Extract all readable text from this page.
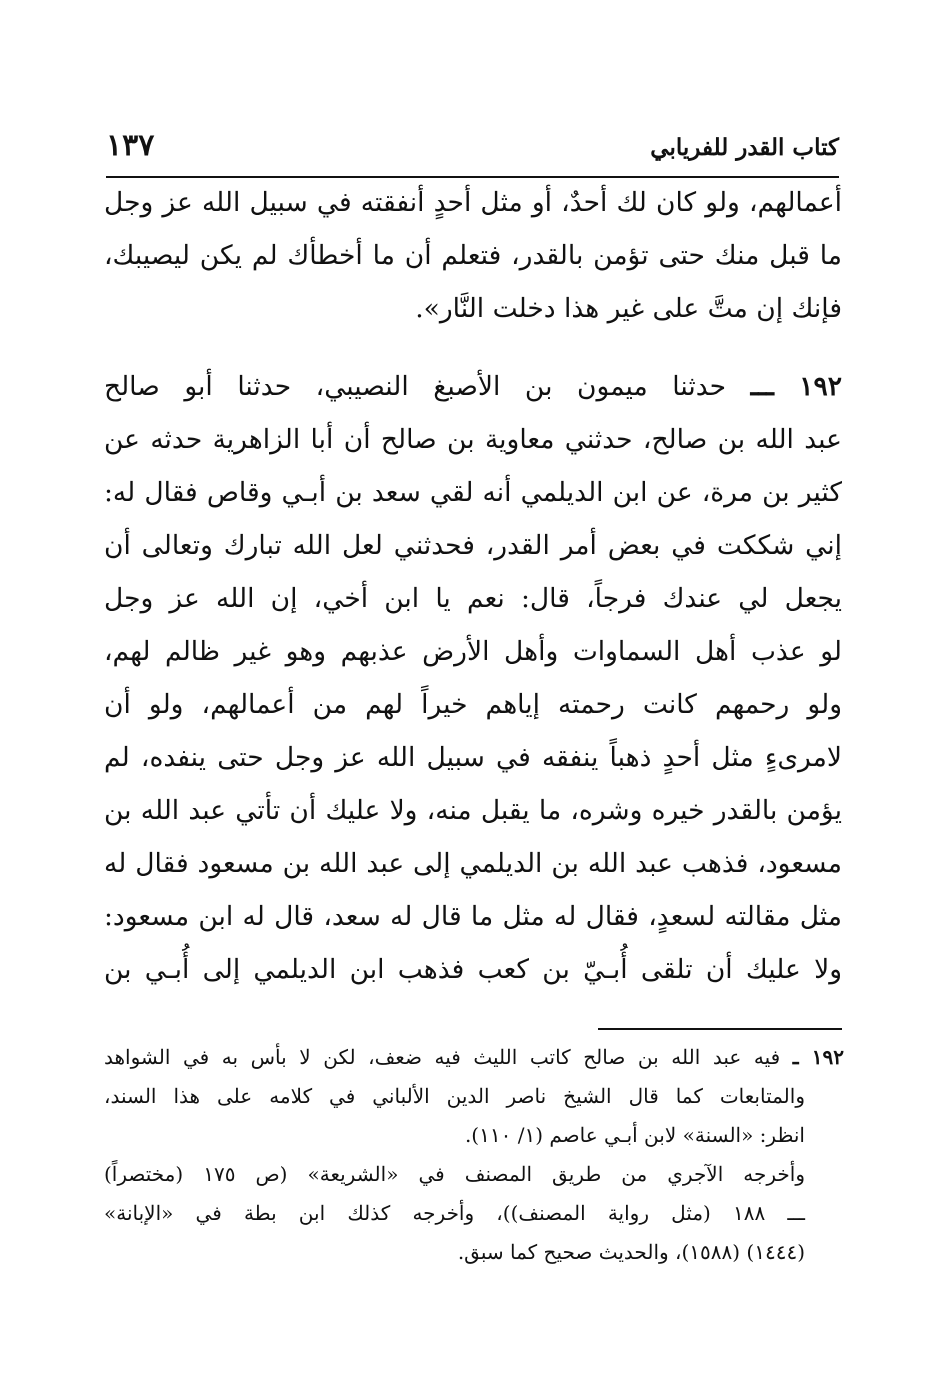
كتاب القدر للفريابي
١٣٧
أعمالهم، ولو كان لك أحدٌ، أو مثل أحدٍ أنفقته في سبيل الله عز وجل
ما قبل منك حتى تؤمن بالقدر، فتعلم أن ما أخطأك لم يكن ليصيبك،
فإنك إن متَّ على غير هذا دخلت النَّار».
١٩٢ ـــ حدثنا ميمون بن الأصبغ النصيبي، حدثنا أبو صالح
عبد الله بن صالح، حدثني معاوية بن صالح أن أبا الزاهرية حدثه عن
كثير بن مرة، عن ابن الديلمي أنه لقي سعد بن أبـي وقاص فقال له:
إني شككت في بعض أمر القدر، فحدثني لعل الله تبارك وتعالى أن
يجعل لي عندك فرجاً، قال: نعم يا ابن أخي، إن الله عز وجل
لو عذب أهل السماوات وأهل الأرض عذبهم وهو غير ظالم لهم،
ولو رحمهم كانت رحمته إياهم خيراً لهم من أعمالهم، ولو أن
لامرىءٍ مثل أحدٍ ذهباً ينفقه في سبيل الله عز وجل حتى ينفده، لم
يؤمن بالقدر خيره وشره، ما يقبل منه، ولا عليك أن تأتي عبد الله بن
مسعود، فذهب عبد الله بن الديلمي إلى عبد الله بن مسعود فقال له
مثل مقالته لسعدٍ، فقال له مثل ما قال له سعد، قال له ابن مسعود:
ولا عليك أن تلقى أُبـيّ بن كعب فذهب ابن الديلمي إلى أُبـي بن
١٩٢ ـ فيه عبد الله بن صالح كاتب الليث فيه ضعف، لكن لا بأس به في الشواهد
والمتابعات كما قال الشيخ ناصر الدين الألباني في كلامه على هذا السند،
انظر: «السنة» لابن أبـي عاصم (١/ ١١٠).
وأخرجه الآجري من طريق المصنف في «الشريعة» (ص ١٧٥ (مختصراً)
ـــ ١٨٨ (مثل رواية المصنف))، وأخرجه كذلك ابن بطة في «الإبانة»
(١٤٤٤) (١٥٨٨)، والحديث صحيح كما سبق.
